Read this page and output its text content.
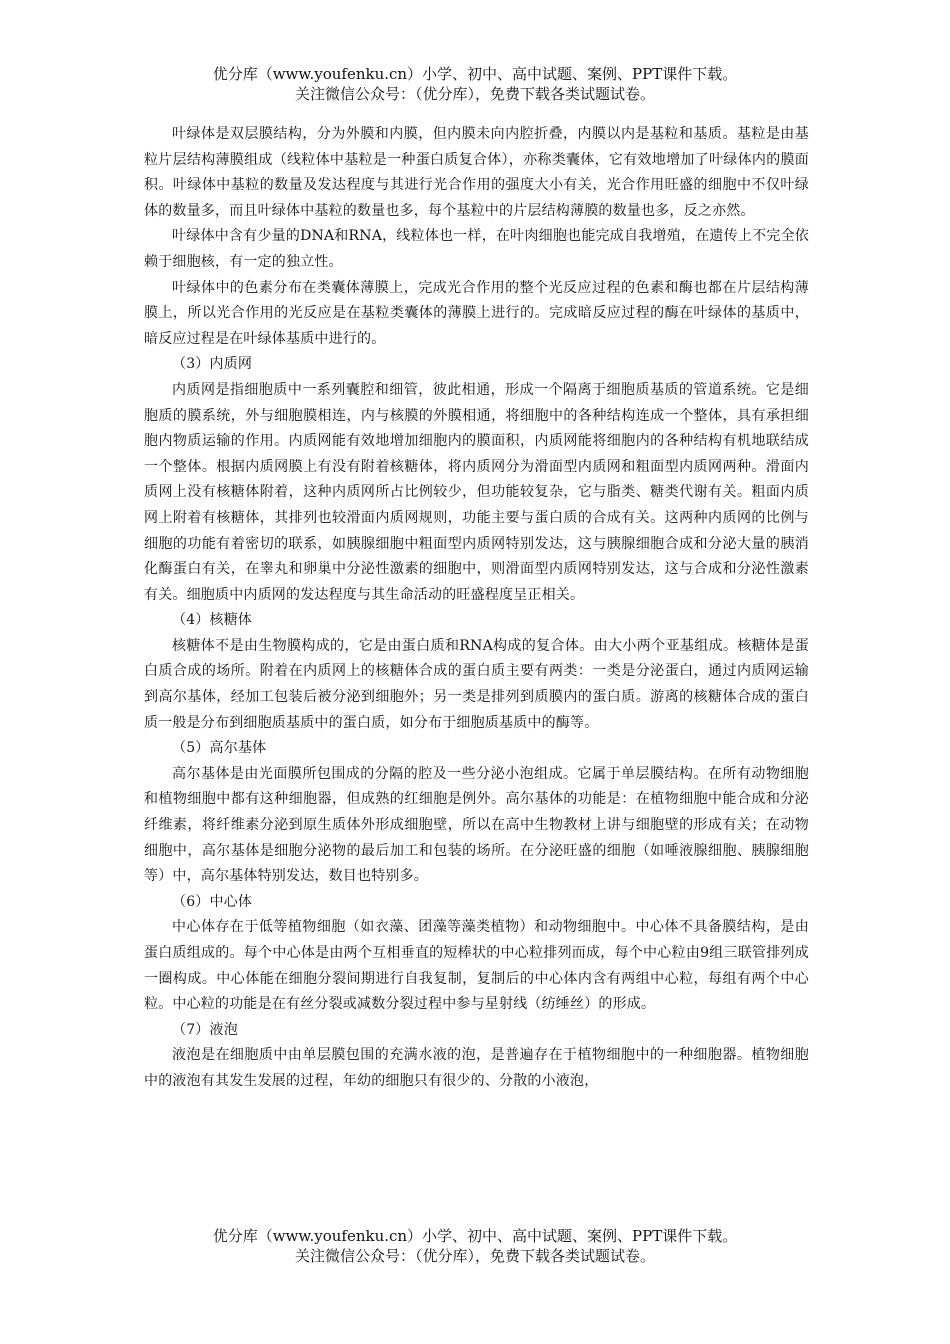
优分库（www.youfenku.cn）小学、初中、高中试题、案例、PPT课件下载。
关注微信公众号：（优分库），免费下载各类试题试卷。

叶绿体是双层膜结构，分为外膜和内膜，但内膜未向内腔折叠，内膜以内是基粒和基质。基粒是由基粒片层结构薄膜组成（线粒体中基粒是一种蛋白质复合体），亦称类囊体，它有效地增加了叶绿体内的膜面积。叶绿体中基粒的数量及发达程度与其进行光合作用的强度大小有关，光合作用旺盛的细胞中不仅叶绿体的数量多，而且叶绿体中基粒的数量也多，每个基粒中的片层结构薄膜的数量也多，反之亦然。

叶绿体中含有少量的DNA和RNA，线粒体也一样，在叶肉细胞也能完成自我增殖，在遗传上不完全依赖于细胞核，有一定的独立性。

叶绿体中的色素分布在类囊体薄膜上，完成光合作用的整个光反应过程的色素和酶也都在片层结构薄膜上，所以光合作用的光反应是在基粒类囊体的薄膜上进行的。完成暗反应过程的酶在叶绿体的基质中，暗反应过程是在叶绿体基质中进行的。

（3）内质网

内质网是指细胞质中一系列囊腔和细管，彼此相通，形成一个隔离于细胞质基质的管道系统。它是细胞质的膜系统，外与细胞膜相连，内与核膜的外膜相通，将细胞中的各种结构连成一个整体，具有承担细胞内物质运输的作用。内质网能有效地增加细胞内的膜面积，内质网能将细胞内的各种结构有机地联结成一个整体。根据内质网膜上有没有附着核糖体，将内质网分为滑面型内质网和粗面型内质网两种。滑面内质网上没有核糖体附着，这种内质网所占比例较少，但功能较复杂，它与脂类、糖类代谢有关。粗面内质网上附着有核糖体，其排列也较滑面内质网规则，功能主要与蛋白质的合成有关。这两种内质网的比例与细胞的功能有着密切的联系，如胰腺细胞中粗面型内质网特别发达，这与胰腺细胞合成和分泌大量的胰消化酶蛋白有关，在睾丸和卵巢中分泌性激素的细胞中，则滑面型内质网特别发达，这与合成和分泌性激素有关。细胞质中内质网的发达程度与其生命活动的旺盛程度呈正相关。

（4）核糖体

核糖体不是由生物膜构成的，它是由蛋白质和RNA构成的复合体。由大小两个亚基组成。核糖体是蛋白质合成的场所。附着在内质网上的核糖体合成的蛋白质主要有两类：一类是分泌蛋白，通过内质网运输到高尔基体，经加工包装后被分泌到细胞外；另一类是排列到质膜内的蛋白质。游离的核糖体合成的蛋白质一般是分布到细胞质基质中的蛋白质，如分布于细胞质基质中的酶等。

（5）高尔基体

高尔基体是由光面膜所包围成的分隔的腔及一些分泌小泡组成。它属于单层膜结构。在所有动物细胞和植物细胞中都有这种细胞器，但成熟的红细胞是例外。高尔基体的功能是：在植物细胞中能合成和分泌纤维素，将纤维素分泌到原生质体外形成细胞壁，所以在高中生物教材上讲与细胞壁的形成有关；在动物细胞中，高尔基体是细胞分泌物的最后加工和包装的场所。在分泌旺盛的细胞（如唾液腺细胞、胰腺细胞等）中，高尔基体特别发达，数目也特别多。

（6）中心体

中心体存在于低等植物细胞（如衣藻、团藻等藻类植物）和动物细胞中。中心体不具备膜结构，是由蛋白质组成的。每个中心体是由两个互相垂直的短棒状的中心粒排列而成，每个中心粒由9组三联管排列成一圈构成。中心体能在细胞分裂间期进行自我复制，复制后的中心体内含有两组中心粒，每组有两个中心粒。中心粒的功能是在有丝分裂或减数分裂过程中参与星射线（纺缍丝）的形成。

（7）液泡

液泡是在细胞质中由单层膜包围的充满水液的泡，是普遍存在于植物细胞中的一种细胞器。植物细胞中的液泡有其发生发展的过程，年幼的细胞只有很少的、分散的小液泡，

优分库（www.youfenku.cn）小学、初中、高中试题、案例、PPT课件下载。
关注微信公众号：（优分库），免费下载各类试题试卷。
